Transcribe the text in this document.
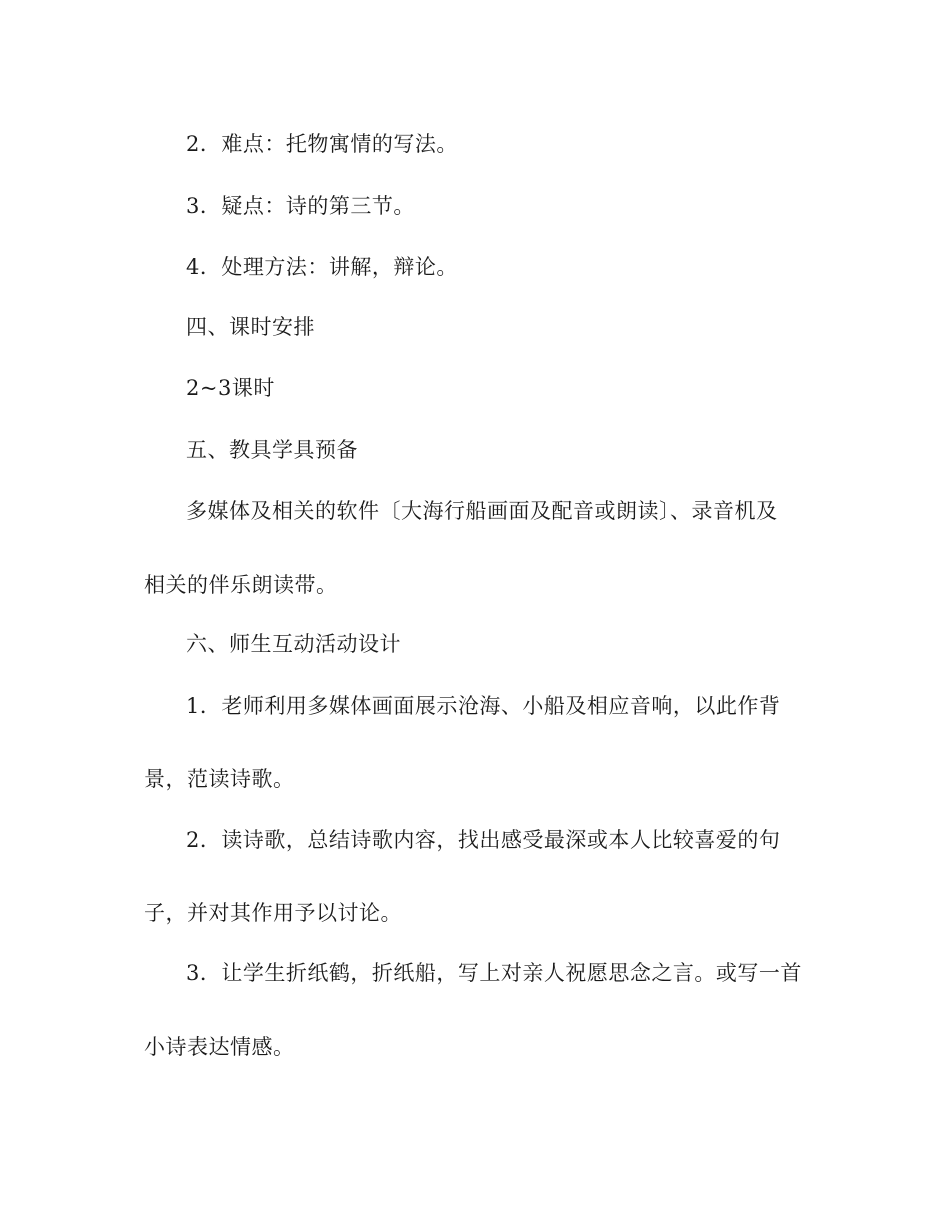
2．难点：托物寓情的写法。
3．疑点：诗的第三节。
4．处理方法：讲解，辩论。
四、课时安排
2~3课时
五、教具学具预备
多媒体及相关的软件〔大海行船画面及配音或朗读〕、录音机及
相关的伴乐朗读带。
六、师生互动活动设计
1．老师利用多媒体画面展示沧海、小船及相应音响，以此作背
景，范读诗歌。
2．读诗歌，总结诗歌内容，找出感受最深或本人比较喜爱的句
子，并对其作用予以讨论。
3．让学生折纸鹤，折纸船，写上对亲人祝愿思念之言。或写一首
小诗表达情感。
